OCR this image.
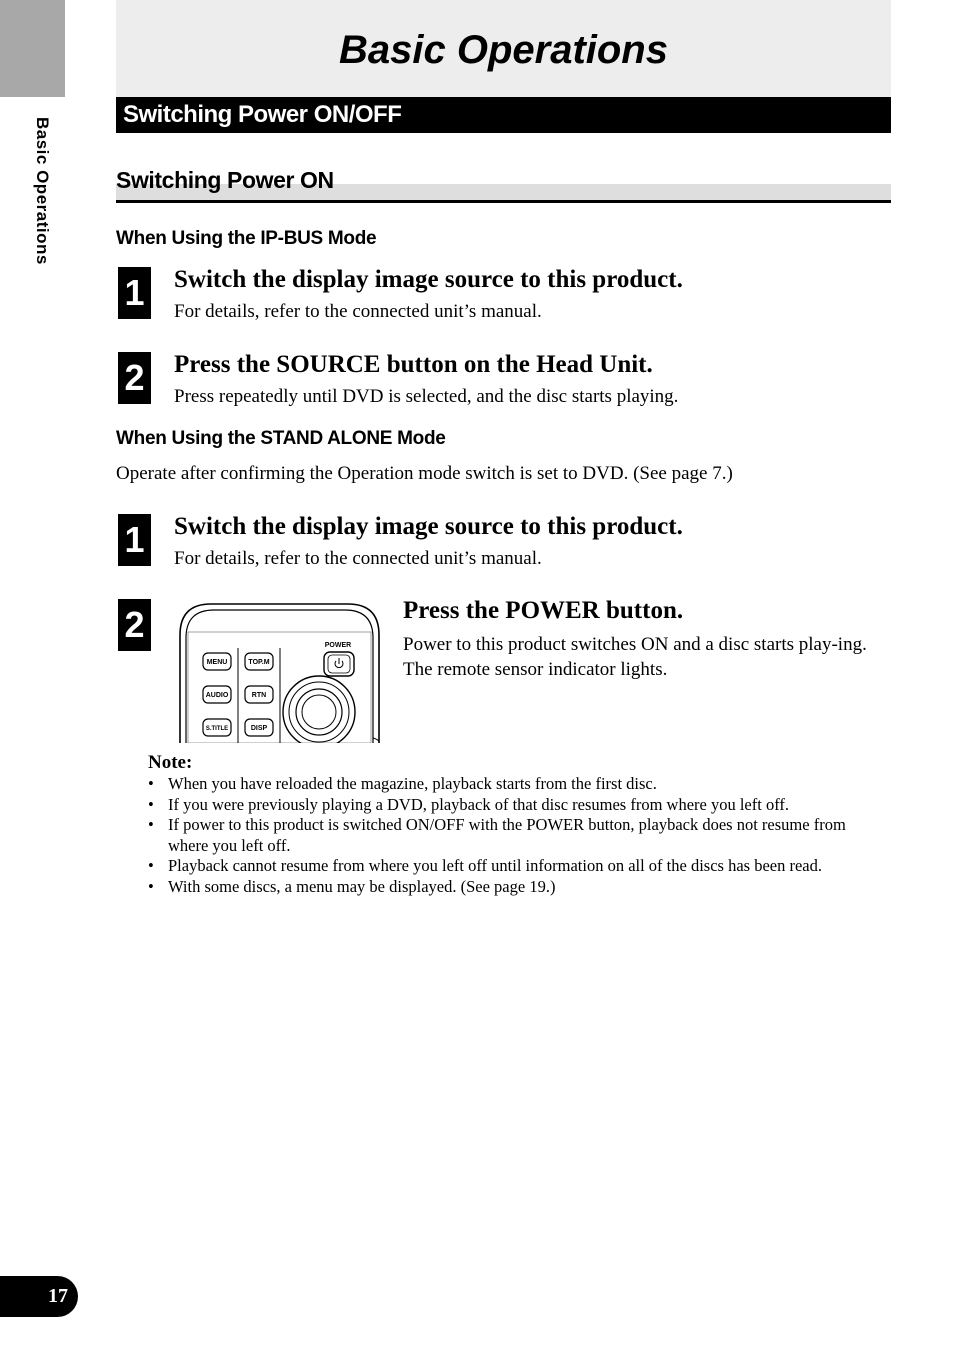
Basic Operations
Basic Operations
Switching Power ON/OFF
Switching Power ON
When Using the IP-BUS Mode
1 Switch the display image source to this product.
For details, refer to the connected unit’s manual.
2 Press the SOURCE button on the Head Unit.
Press repeatedly until DVD is selected, and the disc starts playing.
When Using the STAND ALONE Mode
Operate after confirming the Operation mode switch is set to DVD. (See page 7.)
1 Switch the display image source to this product.
For details, refer to the connected unit’s manual.
2
POWER
MENU	TOP.M
AUDIO	RTN
S.TITLE	DISP
Press the POWER button.
Power to this product switches ON and a disc starts play-ing. The remote sensor indicator lights.
Note:
• When you have reloaded the magazine, playback starts from the first disc.
• If you were previously playing a DVD, playback of that disc resumes from where you left off.
• If power to this product is switched ON/OFF with the POWER button, playback does not resume from where you left off.
• Playback cannot resume from where you left off until information on all of the discs has been read.
• With some discs, a menu may be displayed. (See page 19.)
17
